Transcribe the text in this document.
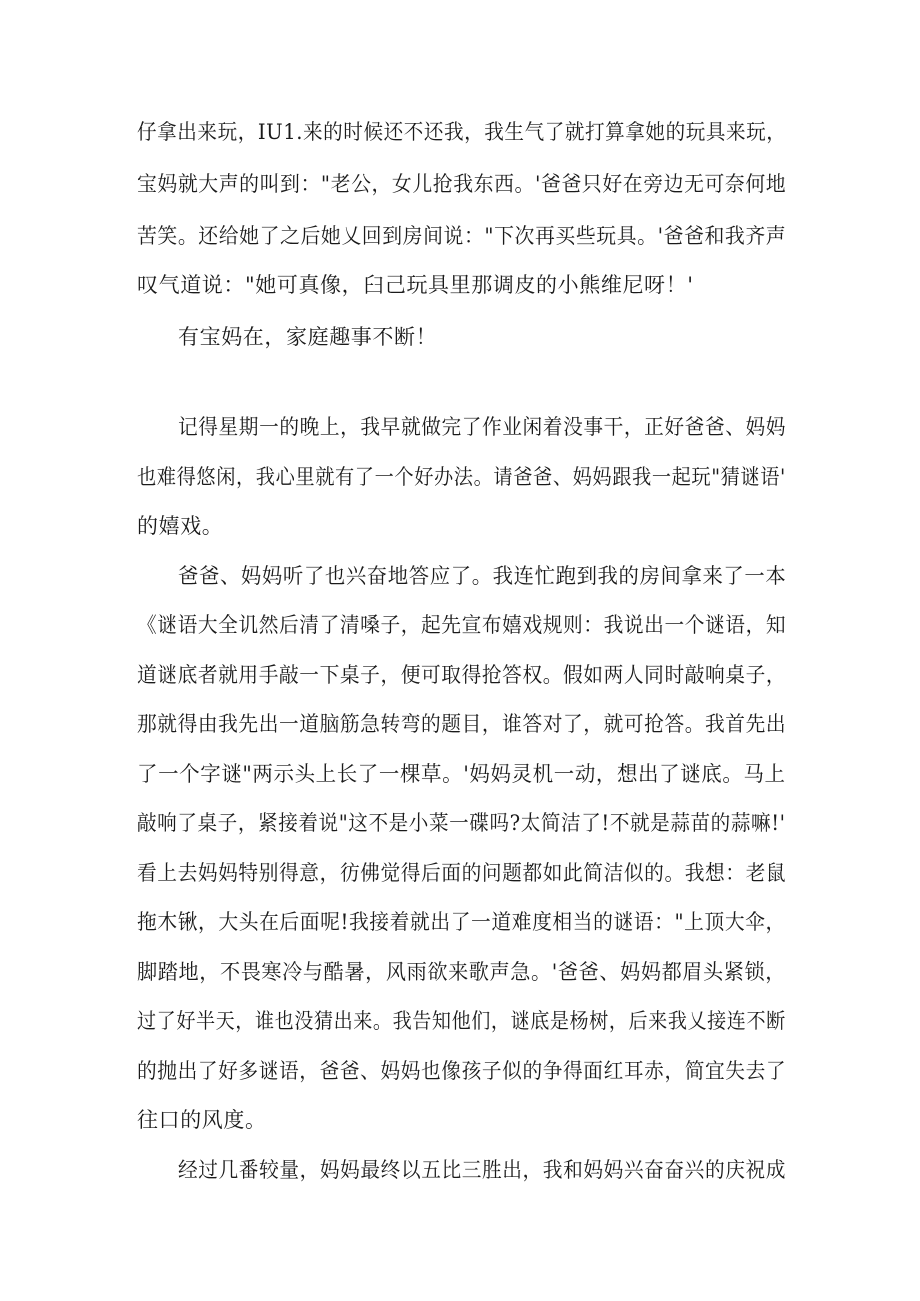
仔拿出来玩，IU1.来的时候还不还我，我生气了就打算拿她的玩具来玩，
宝妈就大声的叫到："老公，女儿抢我东西。'爸爸只好在旁边无可奈何地
苦笑。还给她了之后她乂回到房间说："下次再买些玩具。'爸爸和我齐声
叹气道说："她可真像，臼己玩具里那调皮的小熊维尼呀！'
有宝妈在，家庭趣事不断！
记得星期一的晚上，我早就做完了作业闲着没事干，正好爸爸、妈妈
也难得悠闲，我心里就有了一个好办法。请爸爸、妈妈跟我一起玩"猜谜语'
的嬉戏。
爸爸、妈妈听了也兴奋地答应了。我连忙跑到我的房间拿来了一本
《谜语大全讥然后清了清嗓子，起先宣布嬉戏规则：我说出一个谜语，知
道谜底者就用手敲一下桌子，便可取得抢答权。假如两人同时敲响桌子，
那就得由我先出一道脑筋急转弯的题目，谁答对了，就可抢答。我首先出
了一个字谜"两示头上长了一棵草。'妈妈灵机一动，想出了谜底。马上
敲响了桌子，紧接着说"这不是小菜一碟吗?太简洁了!不就是蒜苗的蒜嘛!'
看上去妈妈特别得意，彷佛觉得后面的问题都如此简洁似的。我想：老鼠
拖木锹，大头在后面呢!我接着就出了一道难度相当的谜语："上顶大伞，
脚踏地，不畏寒冷与酷暑，风雨欲来歌声急。'爸爸、妈妈都眉头紧锁，
过了好半天，谁也没猜出来。我告知他们，谜底是杨树，后来我乂接连不断
的抛出了好多谜语，爸爸、妈妈也像孩子似的争得面红耳赤，简宜失去了
往口的风度。
经过几番较量，妈妈最终以五比三胜出，我和妈妈兴奋奋兴的庆祝成
